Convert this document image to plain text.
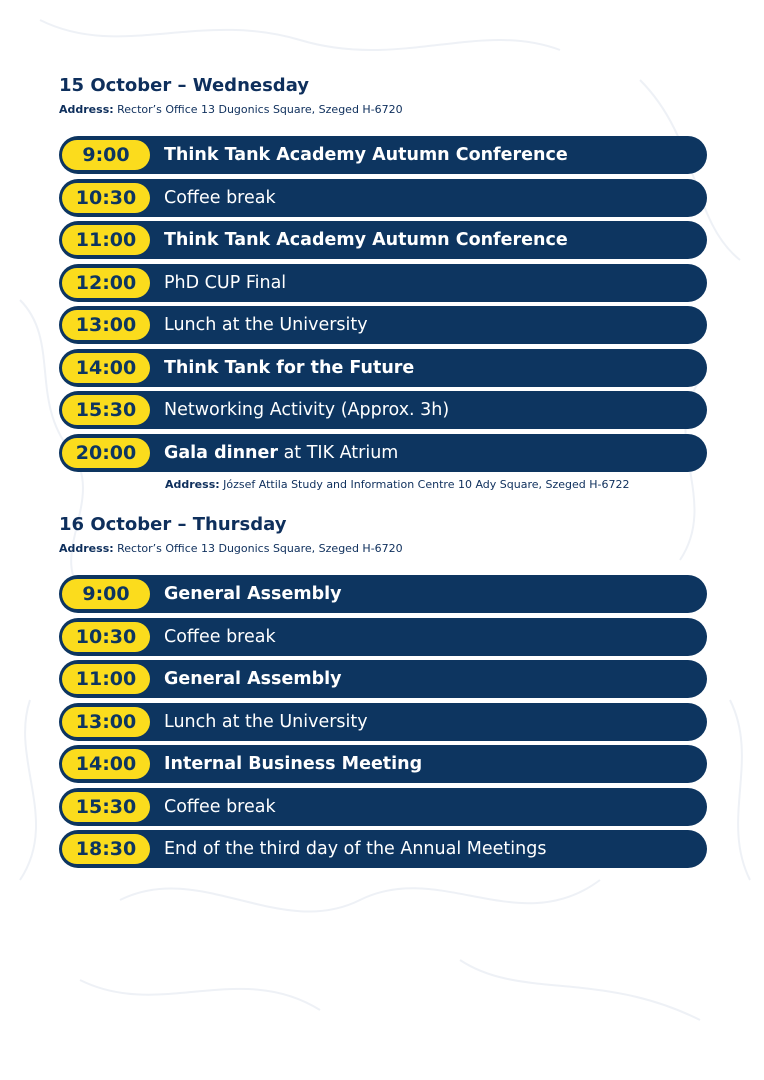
15 October – Wednesday
Address: Rector’s Office 13 Dugonics Square, Szeged H-6720
9:00	Think Tank Academy Autumn Conference
10:30	Coffee break
11:00	Think Tank Academy Autumn Conference
12:00	PhD CUP Final
13:00	Lunch at the University
14:00	Think Tank for the Future
15:30	Networking Activity (Approx. 3h)
20:00	Gala dinner at TIK Atrium
Address: József Attila Study and Information Centre 10 Ady Square, Szeged H-6722
16 October – Thursday
Address: Rector’s Office 13 Dugonics Square, Szeged H-6720
9:00	General Assembly
10:30	Coffee break
11:00	General Assembly
13:00	Lunch at the University
14:00	Internal Business Meeting
15:30	Coffee break
18:30	End of the third day of the Annual Meetings
